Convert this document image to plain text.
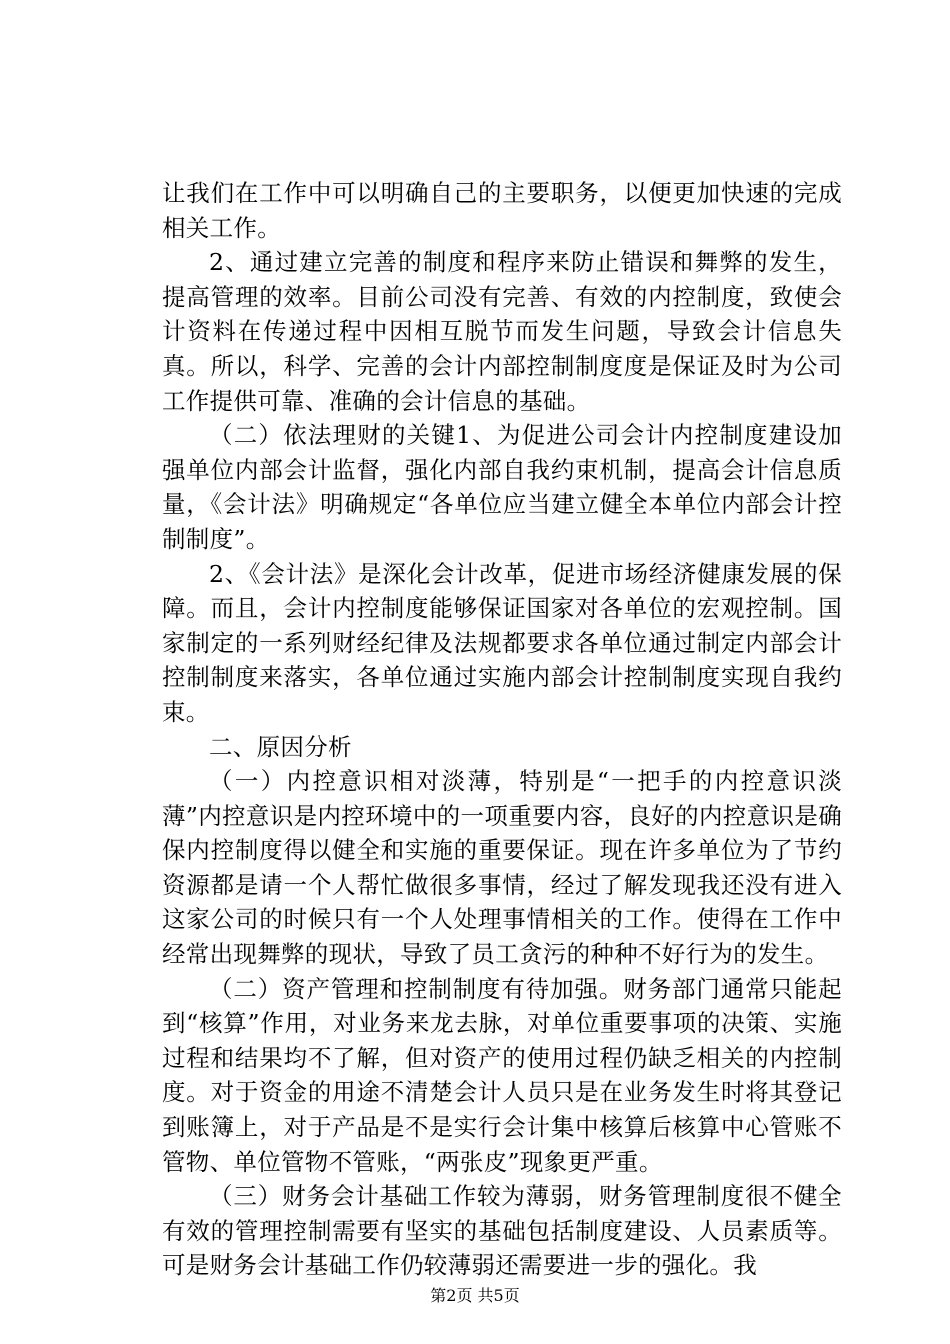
让我们在工作中可以明确自己的主要职务，以便更加快速的完成相关工作。

2、通过建立完善的制度和程序来防止错误和舞弊的发生，提高管理的效率。目前公司没有完善、有效的内控制度，致使会计资料在传递过程中因相互脱节而发生问题，导致会计信息失真。所以，科学、完善的会计内部控制制度度是保证及时为公司工作提供可靠、准确的会计信息的基础。

（二）依法理财的关键1、为促进公司会计内控制度建设加强单位内部会计监督，强化内部自我约束机制，提高会计信息质量，《会计法》明确规定“各单位应当建立健全本单位内部会计控制制度”。

2、《会计法》是深化会计改革，促进市场经济健康发展的保障。而且，会计内控制度能够保证国家对各单位的宏观控制。国家制定的一系列财经纪律及法规都要求各单位通过制定内部会计控制制度来落实，各单位通过实施内部会计控制制度实现自我约束。

二、原因分析

（一）内控意识相对淡薄，特别是“一把手的内控意识淡薄”内控意识是内控环境中的一项重要内容，良好的内控意识是确保内控制度得以健全和实施的重要保证。现在许多单位为了节约资源都是请一个人帮忙做很多事情，经过了解发现我还没有进入这家公司的时候只有一个人处理事情相关的工作。使得在工作中经常出现舞弊的现状，导致了员工贪污的种种不好行为的发生。

（二）资产管理和控制制度有待加强。财务部门通常只能起到“核算”作用，对业务来龙去脉，对单位重要事项的决策、实施过程和结果均不了解，但对资产的使用过程仍缺乏相关的内控制度。对于资金的用途不清楚会计人员只是在业务发生时将其登记到账簿上，对于产品是不是实行会计集中核算后核算中心管账不管物、单位管物不管账，“两张皮”现象更严重。

（三）财务会计基础工作较为薄弱，财务管理制度很不健全有效的管理控制需要有坚实的基础包括制度建设、人员素质等。可是财务会计基础工作仍较薄弱还需要进一步的强化。我

第2页 共5页
